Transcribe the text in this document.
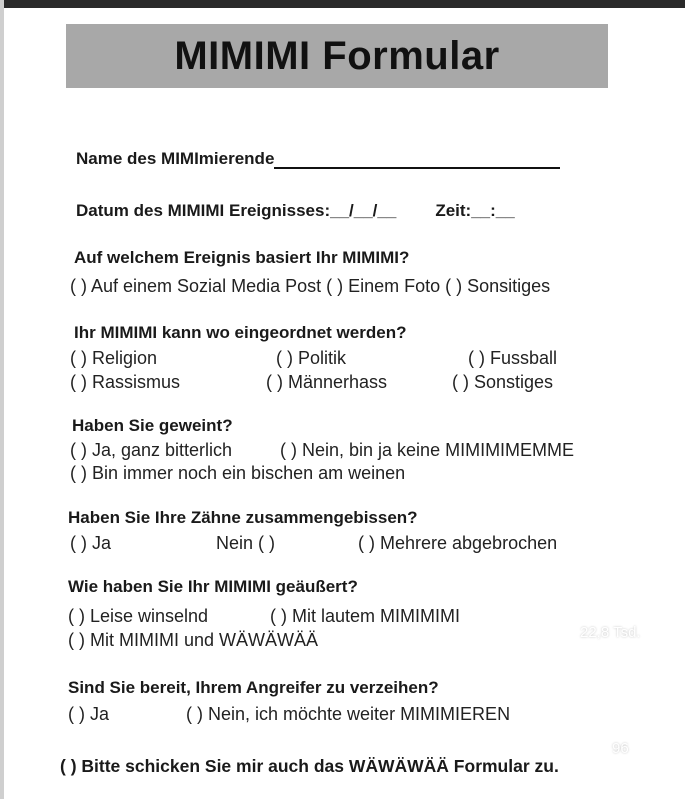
MIMIMI Formular
Name des MIMImierende
Datum des MIMIMI Ereignisses:__/__/__ Zeit:__:__
Auf welchem Ereignis basiert Ihr MIMIMI?
( ) Auf einem Sozial Media Post ( ) Einem Foto ( ) Sonsitiges
Ihr MIMIMI kann wo eingeordnet werden?
( ) Religion	( ) Politik	( ) Fussball
( ) Rassismus	( ) Männerhass	( ) Sonstiges
Haben Sie geweint?
( ) Ja, ganz bitterlich	( ) Nein, bin ja keine MIMIMIMEMME
( ) Bin immer noch ein bischen am weinen
Haben Sie Ihre Zähne zusammengebissen?
( ) Ja	Nein ( )	( ) Mehrere abgebrochen
Wie haben Sie Ihr MIMIMI geäußert?
( ) Leise winselnd	( ) Mit lautem MIMIMIMI
( ) Mit MIMIMI und WÄWÄWÄÄ
Sind Sie bereit, Ihrem Angreifer zu verzeihen?
( ) Ja	( ) Nein, ich möchte weiter MIMIMIEREN
( ) Bitte schicken Sie mir auch das WÄWÄWÄÄ Formular zu.
22,8 Tsd.
96
